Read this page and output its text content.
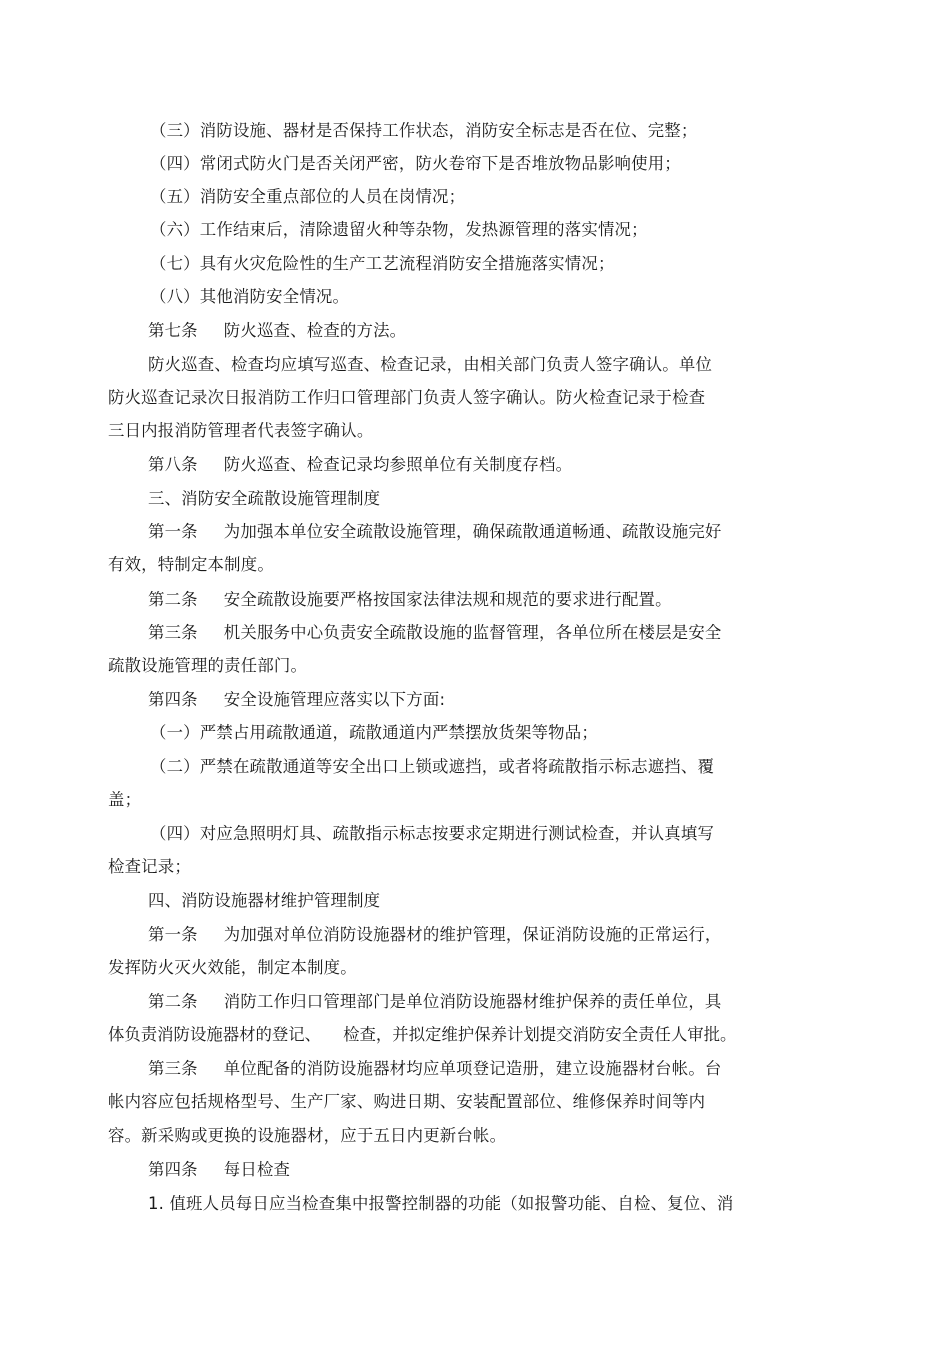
（三）消防设施、器材是否保持工作状态，消防安全标志是否在位、完整；
（四）常闭式防火门是否关闭严密，防火卷帘下是否堆放物品影响使用；
（五）消防安全重点部位的人员在岗情况；
（六）工作结束后，清除遗留火种等杂物，发热源管理的落实情况；
（七）具有火灾危险性的生产工艺流程消防安全措施落实情况；
（八）其他消防安全情况。
第七条 防火巡查、检查的方法。
防火巡查、检查均应填写巡查、检查记录，由相关部门负责人签字确认。单位
防火巡查记录次日报消防工作归口管理部门负责人签字确认。防火检查记录于检查
三日内报消防管理者代表签字确认。
第八条 防火巡查、检查记录均参照单位有关制度存档。
三、消防安全疏散设施管理制度
第一条 为加强本单位安全疏散设施管理，确保疏散通道畅通、疏散设施完好
有效，特制定本制度。
第二条 安全疏散设施要严格按国家法律法规和规范的要求进行配置。
第三条 机关服务中心负责安全疏散设施的监督管理，各单位所在楼层是安全
疏散设施管理的责任部门。
第四条 安全设施管理应落实以下方面:
（一）严禁占用疏散通道，疏散通道内严禁摆放货架等物品；
（二）严禁在疏散通道等安全出口上锁或遮挡，或者将疏散指示标志遮挡、覆
盖；
（四）对应急照明灯具、疏散指示标志按要求定期进行测试检查，并认真填写
检查记录；
四、消防设施器材维护管理制度
第一条 为加强对单位消防设施器材的维护管理，保证消防设施的正常运行，
发挥防火灭火效能，制定本制度。
第二条 消防工作归口管理部门是单位消防设施器材维护保养的责任单位，具
体负责消防设施器材的登记、 检查，并拟定维护保养计划提交消防安全责任人审批。
第三条 单位配备的消防设施器材均应单项登记造册，建立设施器材台帐。台
帐内容应包括规格型号、生产厂家、购进日期、安装配置部位、维修保养时间等内
容。新采购或更换的设施器材，应于五日内更新台帐。
第四条 每日检查
1. 值班人员每日应当检查集中报警控制器的功能（如报警功能、自检、复位、消
